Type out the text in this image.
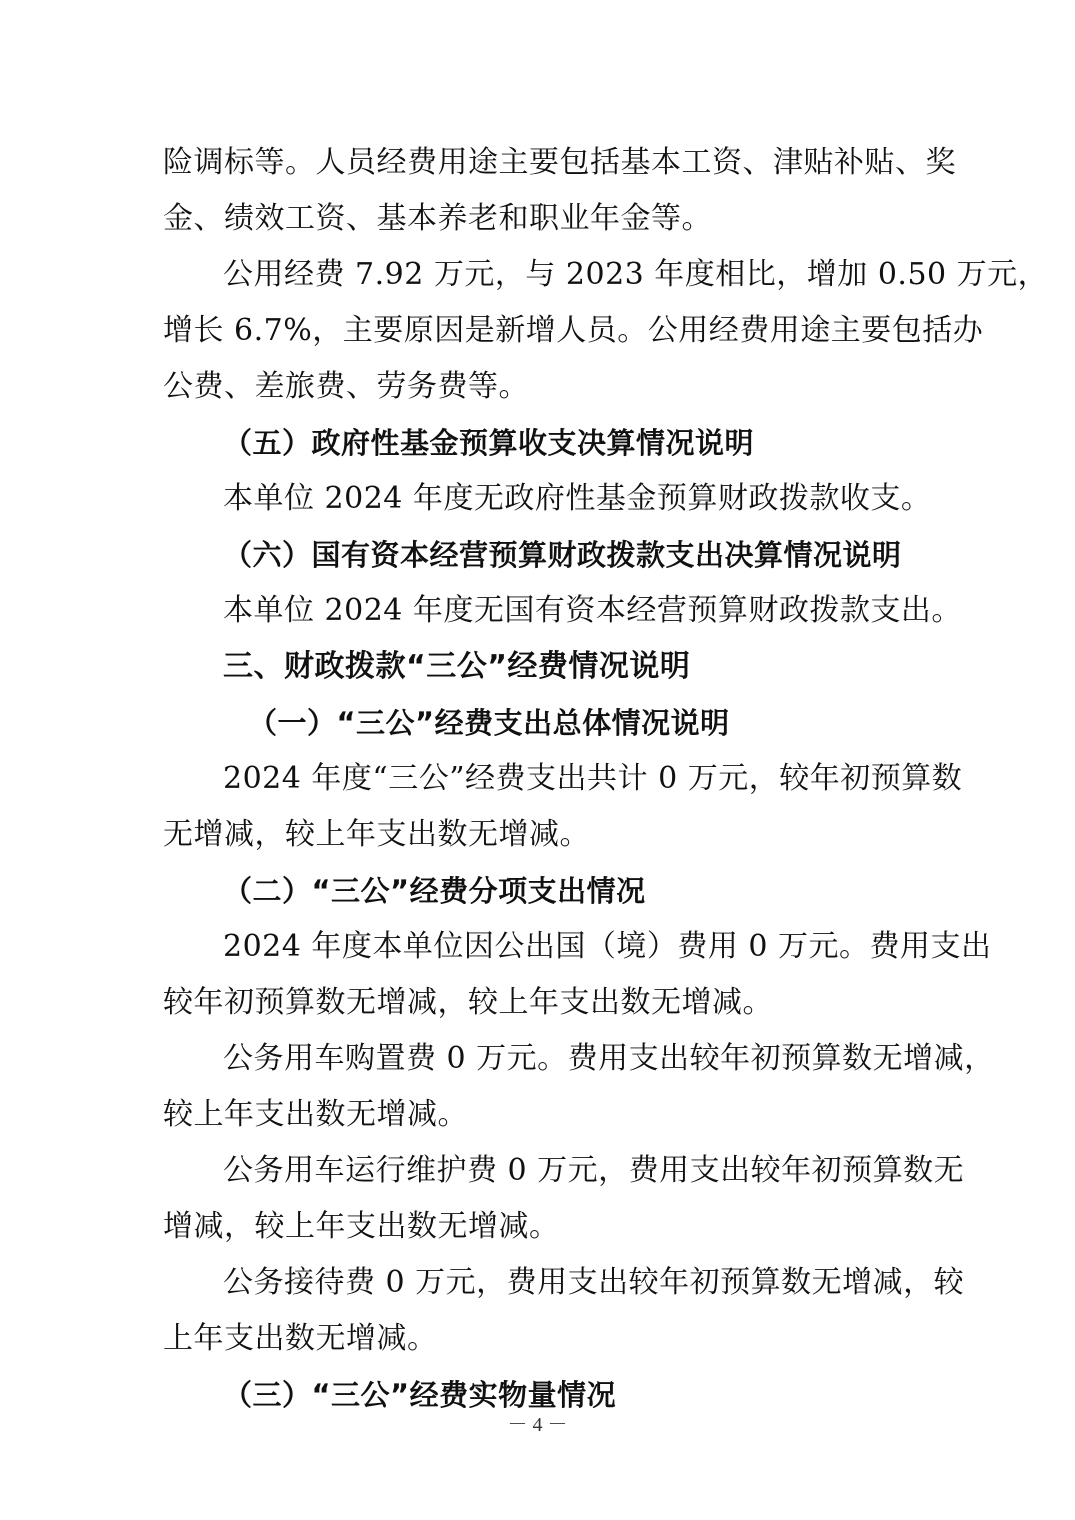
险调标等。人员经费用途主要包括基本工资、津贴补贴、奖
金、绩效工资、基本养老和职业年金等。
公用经费 7.92 万元，与 2023 年度相比，增加 0.50 万元，
增长 6.7%，主要原因是新增人员。公用经费用途主要包括办
公费、差旅费、劳务费等。
（五）政府性基金预算收支决算情况说明
本单位 2024 年度无政府性基金预算财政拨款收支。
（六）国有资本经营预算财政拨款支出决算情况说明
本单位 2024 年度无国有资本经营预算财政拨款支出。
三、财政拨款“三公”经费情况说明
（一）“三公”经费支出总体情况说明
2024 年度“三公”经费支出共计 0 万元，较年初预算数
无增减，较上年支出数无增减。
（二）“三公”经费分项支出情况
2024 年度本单位因公出国（境）费用 0 万元。费用支出
较年初预算数无增减，较上年支出数无增减。
公务用车购置费 0 万元。费用支出较年初预算数无增减，
较上年支出数无增减。
公务用车运行维护费 0 万元，费用支出较年初预算数无
增减，较上年支出数无增减。
公务接待费 0 万元，费用支出较年初预算数无增减，较
上年支出数无增减。
（三）“三公”经费实物量情况
－ 4 －
